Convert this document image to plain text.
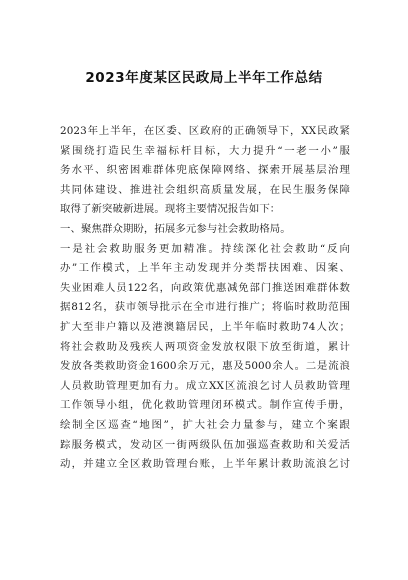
2023年度某区民政局上半年工作总结
2023年上半年，在区委、区政府的正确领导下，XX民政紧
紧围绕打造民生幸福标杆目标，大力提升“一老一小”服
务水平、织密困难群体兜底保障网络、探索开展基层治理
共同体建设、推进社会组织高质量发展，在民生服务保障
取得了新突破新进展。现将主要情况报告如下：
一、聚焦群众期盼，拓展多元参与社会救助格局。
一是社会救助服务更加精准。持续深化社会救助“反向
办”工作模式，上半年主动发现并分类帮扶困难、因案、
失业困难人员122名，向政策优惠减免部门推送困难群体数
据812名，获市领导批示在全市进行推广；将临时救助范围
扩大至非户籍以及港澳籍居民，上半年临时救助74人次；
将社会救助及残疾人两项资金发放权限下放至街道，累计
发放各类救助资金1600余万元，惠及5000余人。二是流浪
人员救助管理更加有力。成立XX区流浪乞讨人员救助管理
工作领导小组，优化救助管理闭环模式。制作宣传手册，
绘制全区巡查“地图”，扩大社会力量参与，建立个案跟
踪服务模式，发动区一街两级队伍加强巡查救助和关爱活
动，并建立全区救助管理台账，上半年累计救助流浪乞讨
